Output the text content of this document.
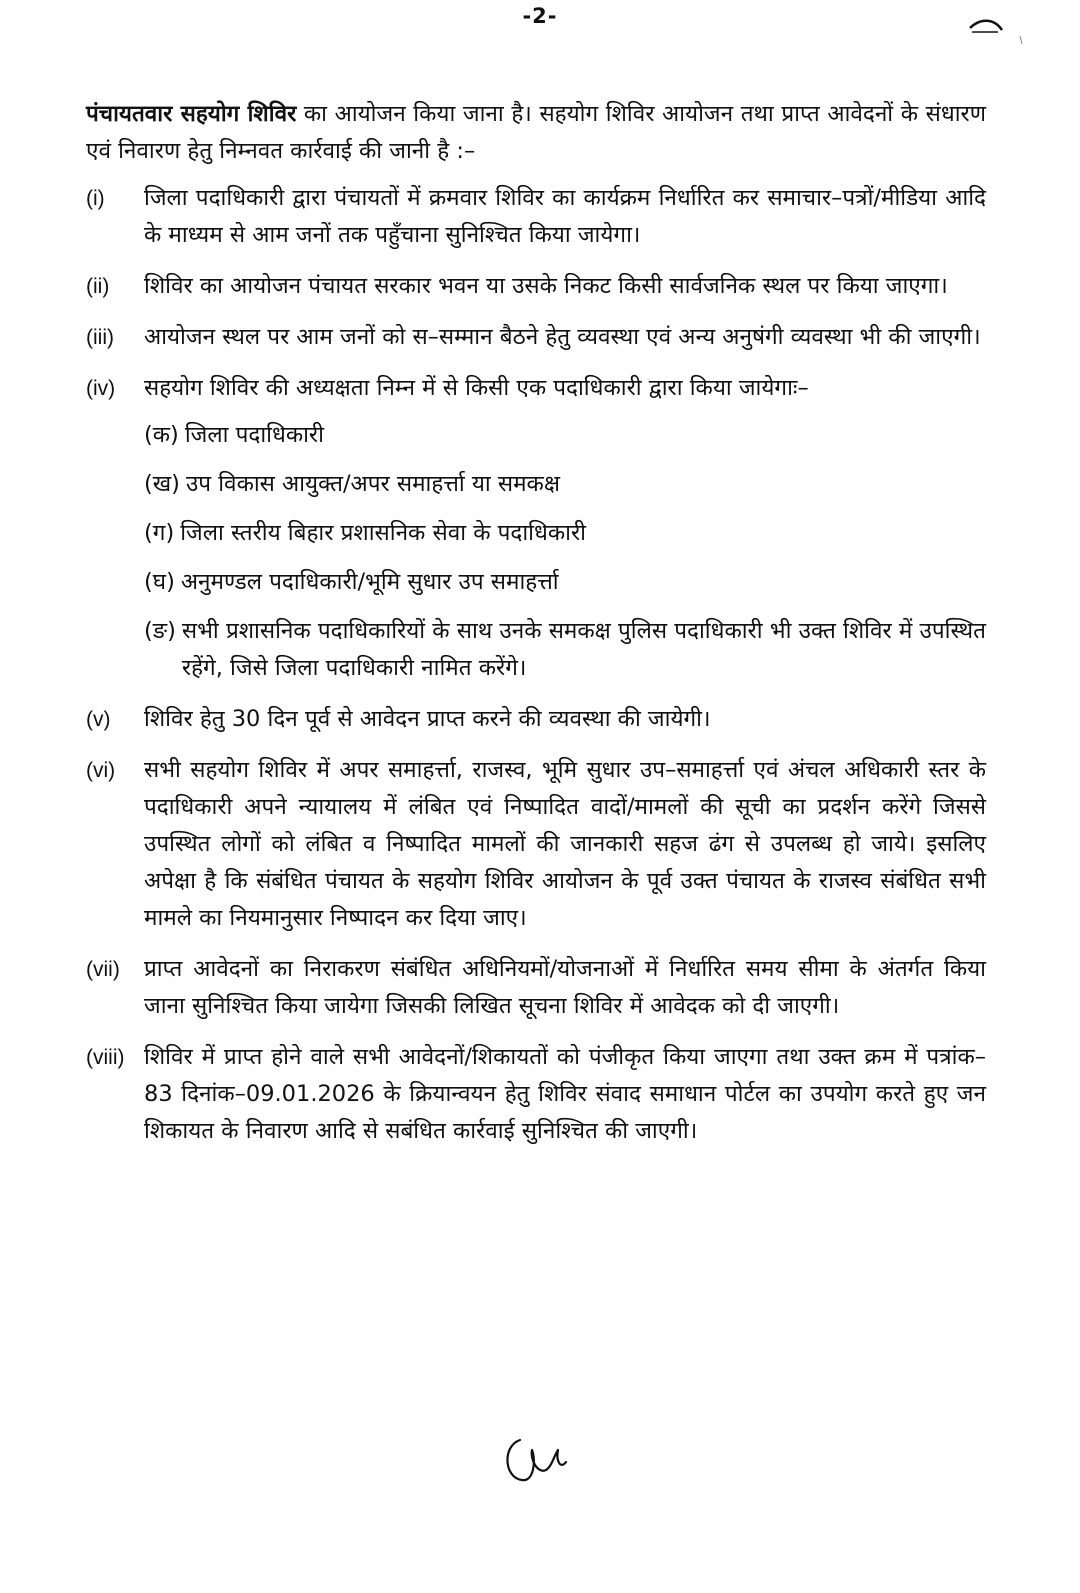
-2-

पंचायतवार सहयोग शिविर का आयोजन किया जाना है। सहयोग शिविर आयोजन तथा प्राप्त आवेदनों के संधारण एवं निवारण हेतु निम्नवत कार्रवाई की जानी है :–

(i)	जिला पदाधिकारी द्वारा पंचायतों में क्रमवार शिविर का कार्यक्रम निर्धारित कर समाचार–पत्रों/मीडिया आदि के माध्यम से आम जनों तक पहुँचाना सुनिश्चित किया जायेगा।
(ii)	शिविर का आयोजन पंचायत सरकार भवन या उसके निकट किसी सार्वजनिक स्थल पर किया जाएगा।
(iii)	आयोजन स्थल पर आम जनों को स–सम्मान बैठने हेतु व्यवस्था एवं अन्य अनुषंगी व्यवस्था भी की जाएगी।
(iv)	सहयोग शिविर की अध्यक्षता निम्न में से किसी एक पदाधिकारी द्वारा किया जायेगाः–
(क) जिला पदाधिकारी
(ख) उप विकास आयुक्त/अपर समाहर्त्ता या समकक्ष
(ग) जिला स्तरीय बिहार प्रशासनिक सेवा के पदाधिकारी
(घ) अनुमण्डल पदाधिकारी/भूमि सुधार उप समाहर्त्ता
(ङ) सभी प्रशासनिक पदाधिकारियों के साथ उनके समकक्ष पुलिस पदाधिकारी भी उक्त शिविर में उपस्थित रहेंगे, जिसे जिला पदाधिकारी नामित करेंगे।
(v)	शिविर हेतु 30 दिन पूर्व से आवेदन प्राप्त करने की व्यवस्था की जायेगी।
(vi)	सभी सहयोग शिविर में अपर समाहर्त्ता, राजस्व, भूमि सुधार उप–समाहर्त्ता एवं अंचल अधिकारी स्तर के पदाधिकारी अपने न्यायालय में लंबित एवं निष्पादित वादों/मामलों की सूची का प्रदर्शन करेंगे जिससे उपस्थित लोगों को लंबित व निष्पादित मामलों की जानकारी सहज ढंग से उपलब्ध हो जाये। इसलिए अपेक्षा है कि संबंधित पंचायत के सहयोग शिविर आयोजन के पूर्व उक्त पंचायत के राजस्व संबंधित सभी मामले का नियमानुसार निष्पादन कर दिया जाए।
(vii)	प्राप्त आवेदनों का निराकरण संबंधित अधिनियमों/योजनाओं में निर्धारित समय सीमा के अंतर्गत किया जाना सुनिश्चित किया जायेगा जिसकी लिखित सूचना शिविर में आवेदक को दी जाएगी।
(viii) शिविर में प्राप्त होने वाले सभी आवेदनों/शिकायतों को पंजीकृत किया जाएगा तथा उक्त क्रम में पत्रांक–83 दिनांक–09.01.2026 के क्रियान्वयन हेतु शिविर संवाद समाधान पोर्टल का उपयोग करते हुए जन शिकायत के निवारण आदि से सबंधित कार्रवाई सुनिश्चित की जाएगी।
